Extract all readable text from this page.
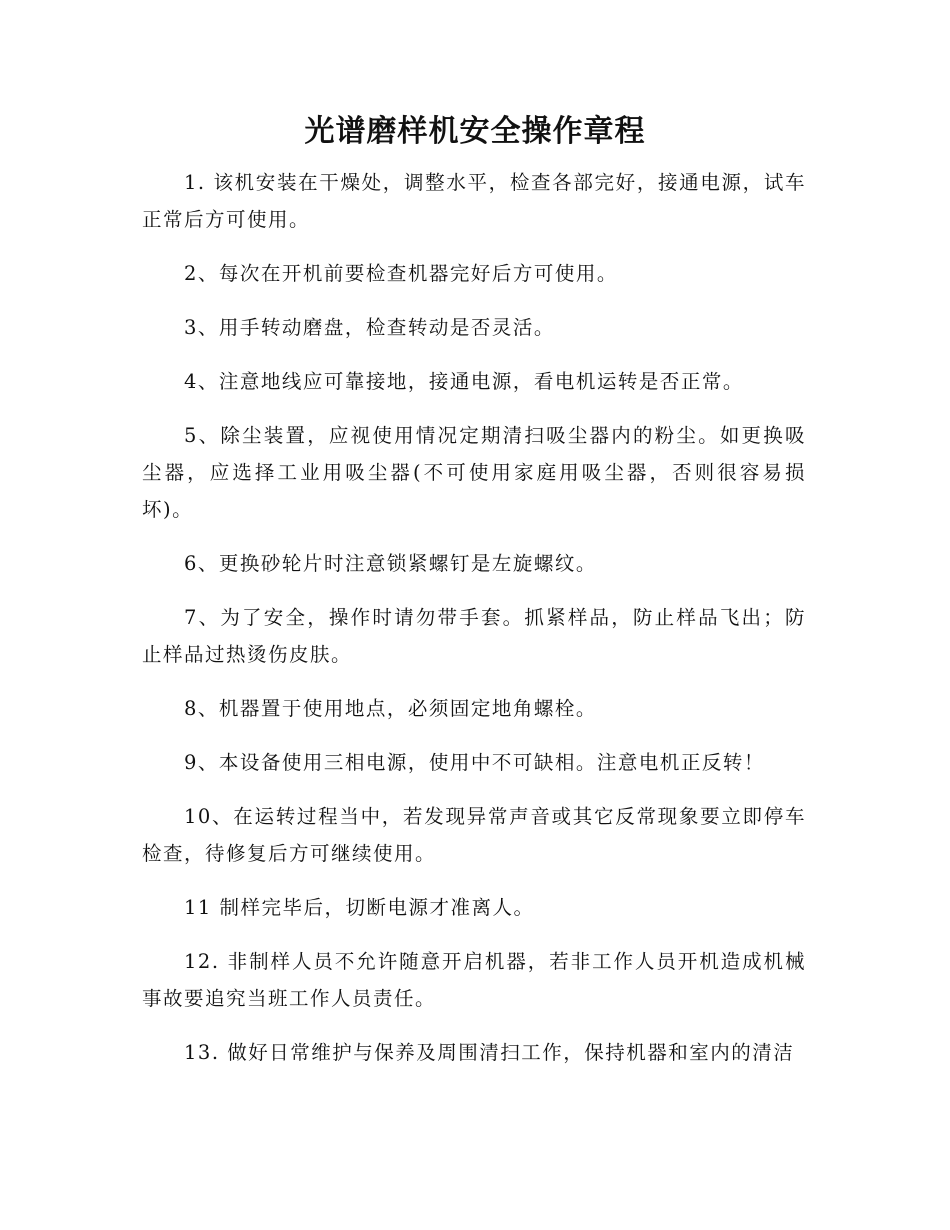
光谱磨样机安全操作章程

1. 该机安装在干燥处，调整水平，检查各部完好，接通电源，试车正常后方可使用。

2、每次在开机前要检查机器完好后方可使用。

3、用手转动磨盘，检查转动是否灵活。

4、注意地线应可靠接地，接通电源，看电机运转是否正常。

5、除尘装置，应视使用情况定期清扫吸尘器内的粉尘。如更换吸尘器，应选择工业用吸尘器(不可使用家庭用吸尘器，否则很容易损坏)。

6、更换砂轮片时注意锁紧螺钉是左旋螺纹。

7、为了安全，操作时请勿带手套。抓紧样品，防止样品飞出；防止样品过热烫伤皮肤。

8、机器置于使用地点，必须固定地角螺栓。

9、本设备使用三相电源，使用中不可缺相。注意电机正反转！

10、在运转过程当中，若发现异常声音或其它反常现象要立即停车检查，待修复后方可继续使用。

11 制样完毕后，切断电源才准离人。

12. 非制样人员不允许随意开启机器，若非工作人员开机造成机械事故要追究当班工作人员责任。

13. 做好日常维护与保养及周围清扫工作，保持机器和室内的清洁
